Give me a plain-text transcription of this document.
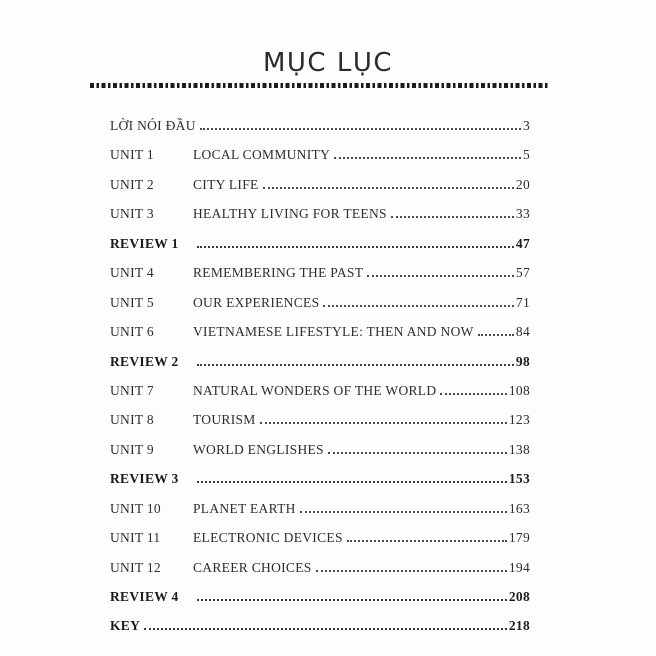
MỤC LỤC
LỜI NÓI ĐẦU	3
UNIT 1	LOCAL COMMUNITY	5
UNIT 2	CITY LIFE	20
UNIT 3	HEALTHY LIVING FOR TEENS	33
REVIEW 1	47
UNIT 4	REMEMBERING THE PAST	57
UNIT 5	OUR EXPERIENCES	71
UNIT 6	VIETNAMESE LIFESTYLE: THEN AND NOW	84
REVIEW 2	98
UNIT 7	NATURAL WONDERS OF THE WORLD	108
UNIT 8	TOURISM	123
UNIT 9	WORLD ENGLISHES	138
REVIEW 3	153
UNIT 10	PLANET EARTH	163
UNIT 11	ELECTRONIC DEVICES	179
UNIT 12	CAREER CHOICES	194
REVIEW 4	208
KEY	218
